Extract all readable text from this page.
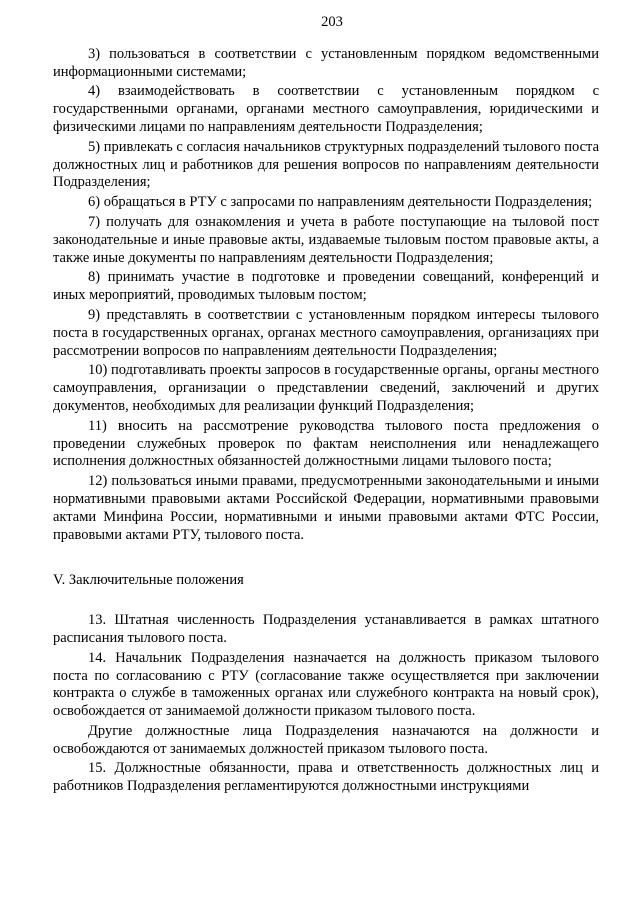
203

3) пользоваться в соответствии с установленным порядком ведомственными информационными системами;

4) взаимодействовать в соответствии с установленным порядком с государственными органами, органами местного самоуправления, юридическими и физическими лицами по направлениям деятельности Подразделения;

5) привлекать с согласия начальников структурных подразделений тылового поста должностных лиц и работников для решения вопросов по направлениям деятельности Подразделения;

6) обращаться в РТУ с запросами по направлениям деятельности Подразделения;

7) получать для ознакомления и учета в работе поступающие на тыловой пост законодательные и иные правовые акты, издаваемые тыловым постом правовые акты, а также иные документы по направлениям деятельности Подразделения;

8) принимать участие в подготовке и проведении совещаний, конференций и иных мероприятий, проводимых тыловым постом;

9) представлять в соответствии с установленным порядком интересы тылового поста в государственных органах, органах местного самоуправления, организациях при рассмотрении вопросов по направлениям деятельности Подразделения;

10) подготавливать проекты запросов в государственные органы, органы местного самоуправления, организации о представлении сведений, заключений и других документов, необходимых для реализации функций Подразделения;

11) вносить на рассмотрение руководства тылового поста предложения о проведении служебных проверок по фактам неисполнения или ненадлежащего исполнения должностных обязанностей должностными лицами тылового поста;

12) пользоваться иными правами, предусмотренными законодательными и иными нормативными правовыми актами Российской Федерации, нормативными правовыми актами Минфина России, нормативными и иными правовыми актами ФТС России, правовыми актами РТУ, тылового поста.

V. Заключительные положения

13. Штатная численность Подразделения устанавливается в рамках штатного расписания тылового поста.

14. Начальник Подразделения назначается на должность приказом тылового поста по согласованию с РТУ (согласование также осуществляется при заключении контракта о службе в таможенных органах или служебного контракта на новый срок), освобождается от занимаемой должности приказом тылового поста.

Другие должностные лица Подразделения назначаются на должности и освобождаются от занимаемых должностей приказом тылового поста.

15. Должностные обязанности, права и ответственность должностных лиц и работников Подразделения регламентируются должностными инструкциями
